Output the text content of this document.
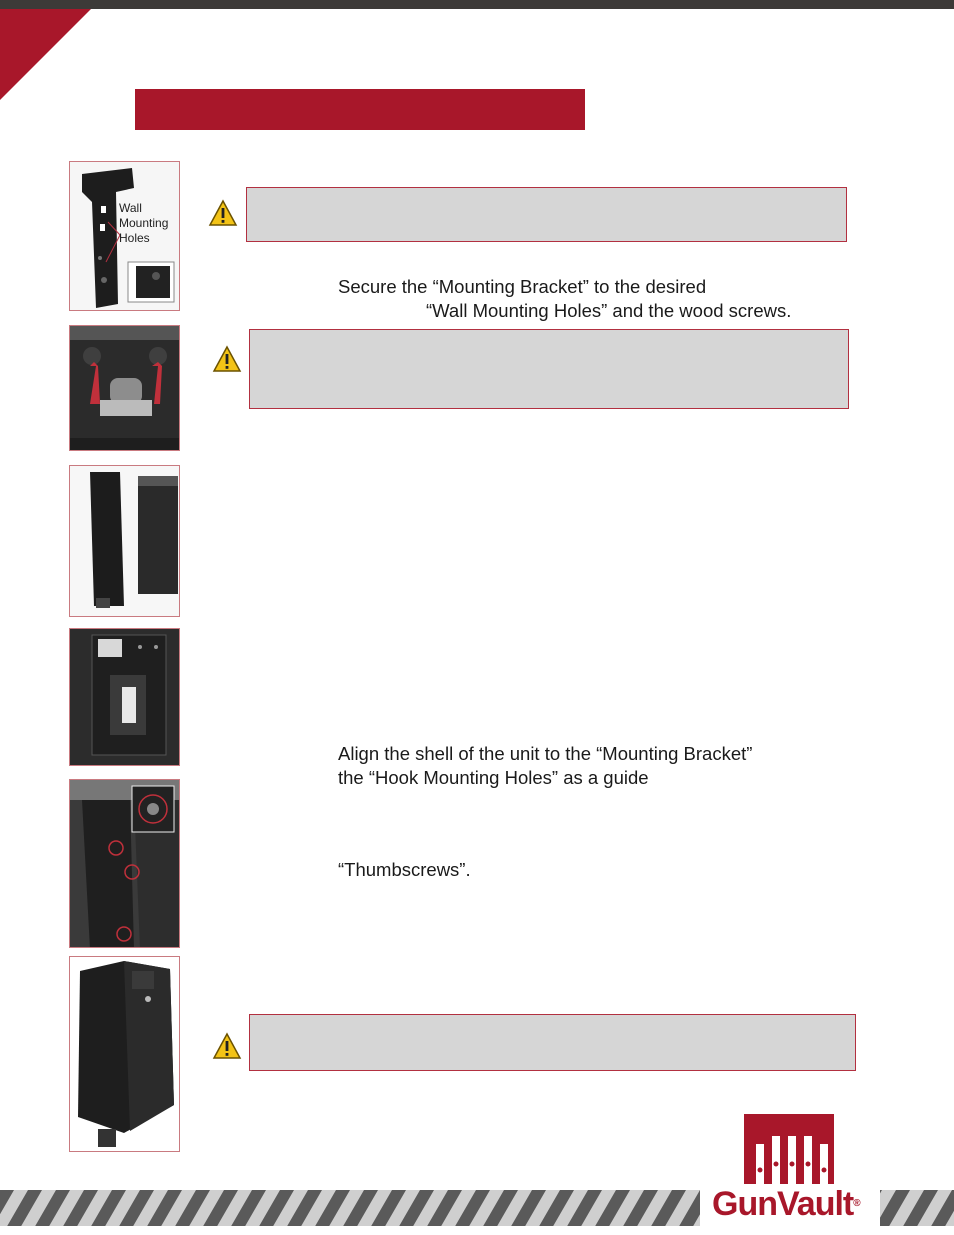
Wall
Mounting
Holes
Secure the “Mounting Bracket” to the desired
“Wall Mounting Holes” and the wood screws.
Align the shell of the unit to the “Mounting Bracket”
the “Hook Mounting Holes” as a guide
“Thumbscrews”.
GunVault®
